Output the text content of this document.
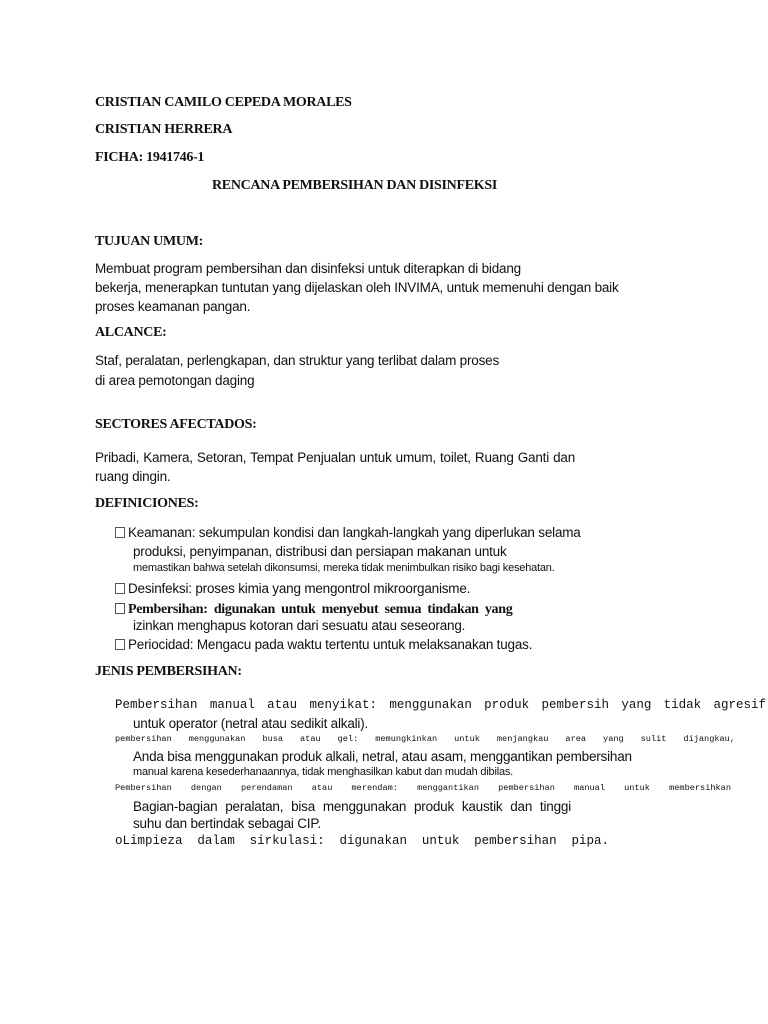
CRISTIAN CAMILO CEPEDA MORALES
CRISTIAN HERRERA
FICHA: 1941746-1
RENCANA PEMBERSIHAN DAN DISINFEKSI
TUJUAN UMUM:
Membuat program pembersihan dan disinfeksi untuk diterapkan di bidang
bekerja, menerapkan tuntutan yang dijelaskan oleh INVIMA, untuk memenuhi dengan baik
proses keamanan pangan.
ALCANCE:
Staf, peralatan, perlengkapan, dan struktur yang terlibat dalam proses
di area pemotongan daging
SECTORES AFECTADOS:
Pribadi, Kamera, Setoran, Tempat Penjualan untuk umum, toilet, Ruang Ganti dan
ruang dingin.
DEFINICIONES:
Keamanan: sekumpulan kondisi dan langkah-langkah yang diperlukan selama
produksi, penyimpanan, distribusi dan persiapan makanan untuk
memastikan bahwa setelah dikonsumsi, mereka tidak menimbulkan risiko bagi kesehatan.
Desinfeksi: proses kimia yang mengontrol mikroorganisme.
Pembersihan: digunakan untuk menyebut semua tindakan yang
izinkan menghapus kotoran dari sesuatu atau seseorang.
Periocidad: Mengacu pada waktu tertentu untuk melaksanakan tugas.
JENIS PEMBERSIHAN:
Pembersihan manual atau menyikat: menggunakan produk pembersih yang tidak agresif
untuk operator (netral atau sedikit alkali).
pembersihan menggunakan busa atau gel: memungkinkan untuk menjangkau area yang sulit dijangkau,
Anda bisa menggunakan produk alkali, netral, atau asam, menggantikan pembersihan
manual karena kesederhanaannya, tidak menghasilkan kabut dan mudah dibilas.
Pembersihan dengan perendaman atau merendam: menggantikan pembersihan manual untuk membersihkan
Bagian-bagian peralatan, bisa menggunakan produk kaustik dan tinggi
suhu dan bertindak sebagai CIP.
oLimpieza dalam sirkulasi: digunakan untuk pembersihan pipa.
